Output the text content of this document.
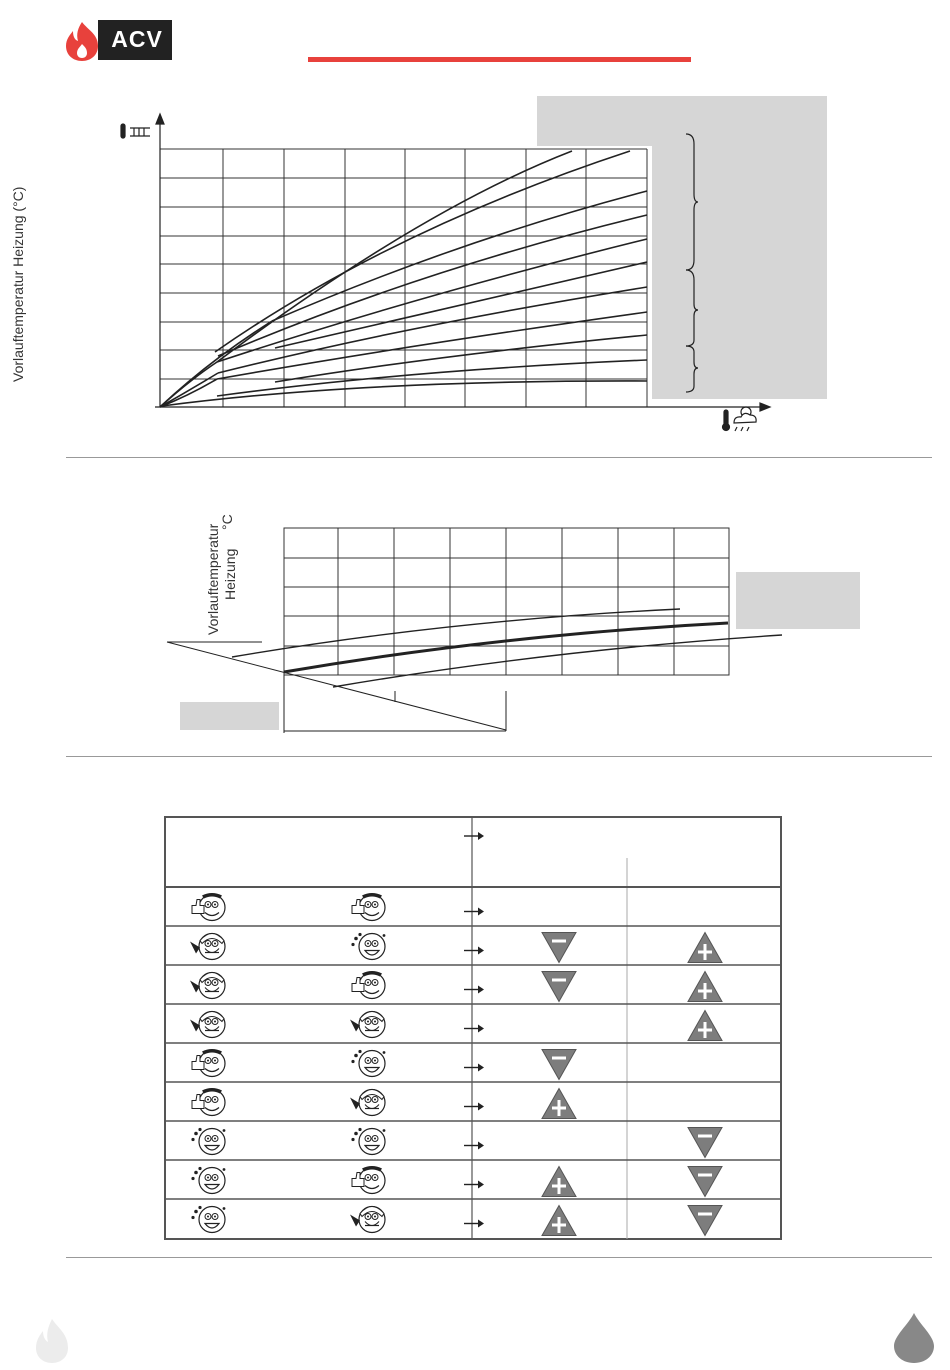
ACV
Vorlauftemperatur Heizung (°C)
Vorlauftemperatur Heizung
°C
